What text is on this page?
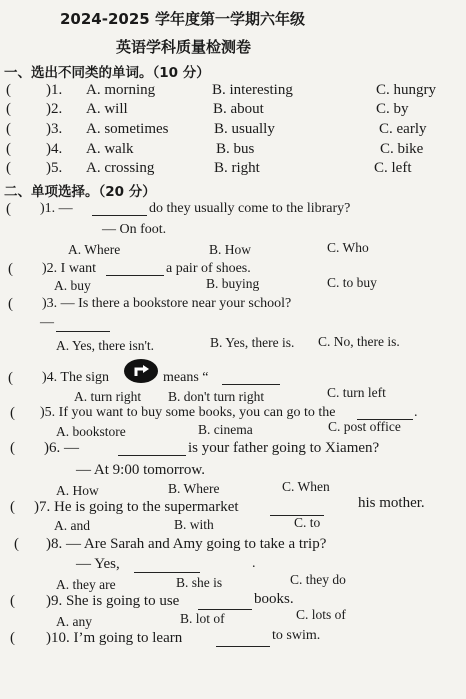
2024-2025 学年度第一学期六年级
英语学科质量检测卷
一、选出不同类的单词。（10 分）
( )1. A. morning	B. interesting	C. hungry
( )2. A. will	B. about	C. by
( )3. A. sometimes	B. usually	C. early
( )4. A. walk	B. bus	C. bike
( )5. A. crossing	B. right	C. left
二、单项选择。（20 分）
( )1. —	do they usually come to the library?
— On foot.
A. Where	B. How	C. Who
( )2. I want	a pair of shoes.
A. buy	B. buying	C. to buy
( )3. — Is there a bookstore near your school?
—
A. Yes, there isn't.	B. Yes, there is. C. No, there is.
( )4. The sign	means “
A. turn right B. don't turn right	C. turn left
( )5. If you want to buy some books, you can go to the	.
A. bookstore	B. cinema	C. post office
( )6. —	is your father going to Xiamen?
— At 9:00 tomorrow.
A. How	B. Where	C. When
( )7. He is going to the supermarket	his mother.
A. and	B. with	C. to
( )8. — Are Sarah and Amy going to take a trip?
— Yes,	.
A. they are	B. she is	C. they do
( )9. She is going to use	books.
A. any	B. lot of	C. lots of
( )10. I’m going to learn	to swim.
